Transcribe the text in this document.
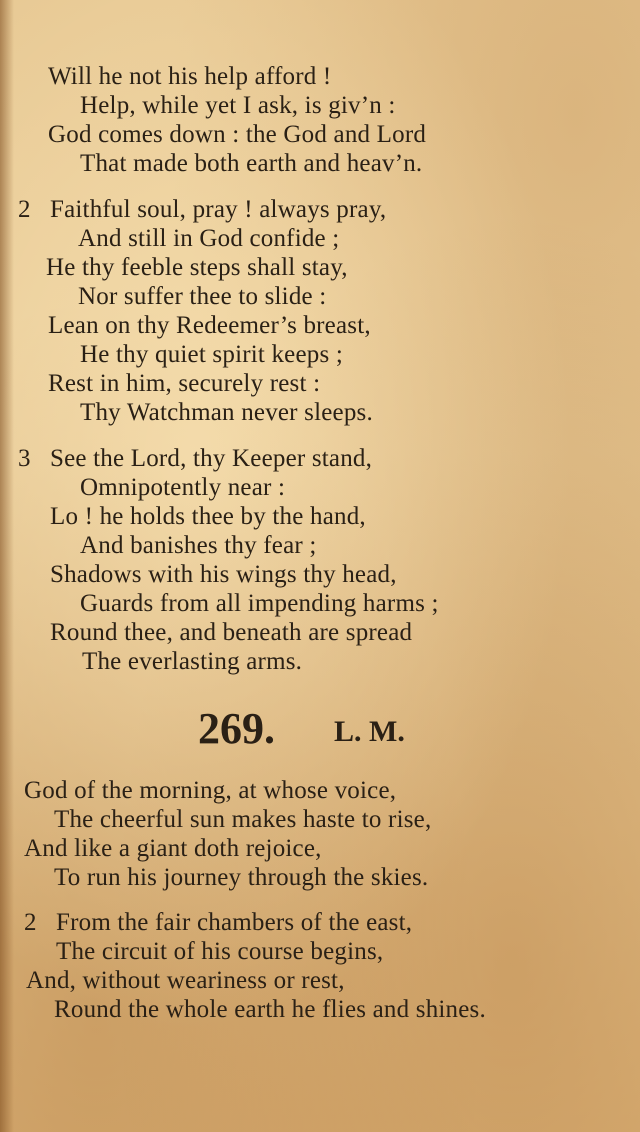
Will he not his help afford !
Help, while yet I ask, is giv’n :
God comes down : the God and Lord
That made both earth and heav’n.
2 Faithful soul, pray ! always pray,
And still in God confide ;
He thy feeble steps shall stay,
Nor suffer thee to slide :
Lean on thy Redeemer’s breast,
He thy quiet spirit keeps ;
Rest in him, securely rest :
Thy Watchman never sleeps.
3 See the Lord, thy Keeper stand,
Omnipotently near :
Lo ! he holds thee by the hand,
And banishes thy fear ;
Shadows with his wings thy head,
Guards from all impending harms ;
Round thee, and beneath are spread
The everlasting arms.
269. L. M.
God of the morning, at whose voice,
The cheerful sun makes haste to rise,
And like a giant doth rejoice,
To run his journey through the skies.
2 From the fair chambers of the east,
The circuit of his course begins,
And, without weariness or rest,
Round the whole earth he flies and shines.
